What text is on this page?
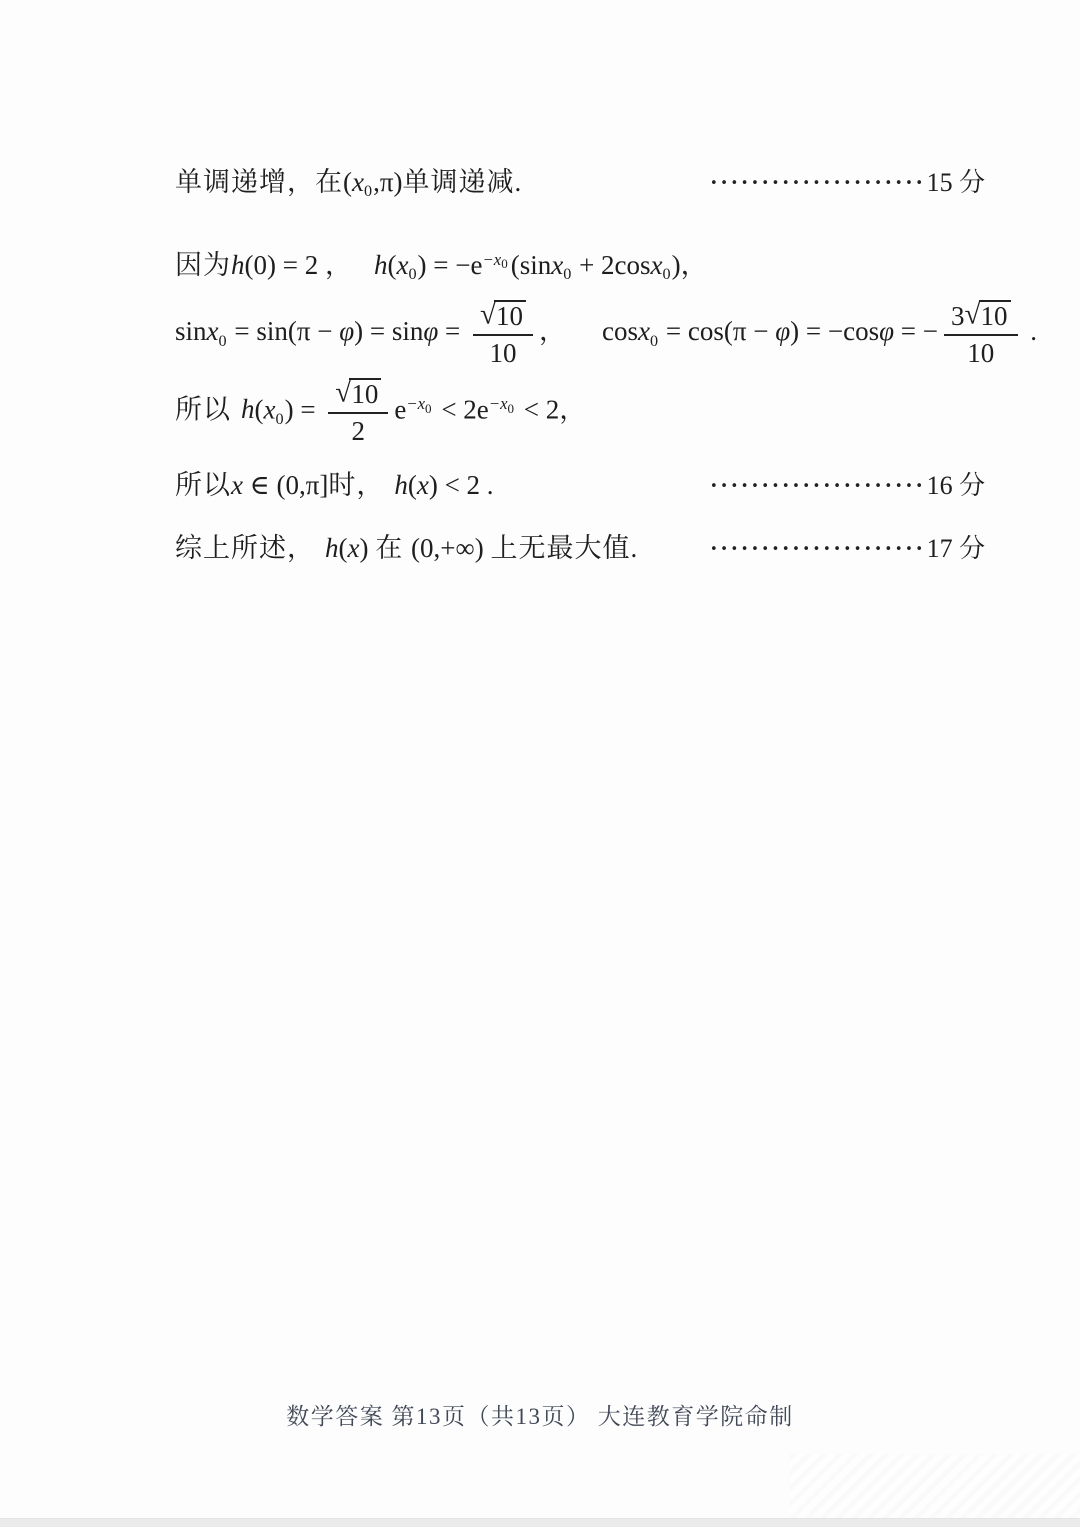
单调递增，在(x0,π)单调递减.	•••••••••••••••••••••15 分
因为h(0) = 2 ， $h(x0) = -e^{-x_0}$ (sinx0 + 2cosx0)，
$\sin x0 = \sin(\pi - \varphi) = \sin\varphi = \frac{√10}{10}$ ， cosx0 = cos(π − φ) = −cosφ = − $\frac{3√10}{10}$ .
所以 $h(x0) = \frac{√10}{2} e^{-x_0} < 2e^{-x_0} < 2$，
所以x ∈ (0,π]时， h(x) < 2 .	•••••••••••••••••••••16 分
综上所述， h(x) 在 (0,+∞) 上无最大值.	•••••••••••••••••••••17 分
数学答案 第13页（共13页） 大连教育学院命制
